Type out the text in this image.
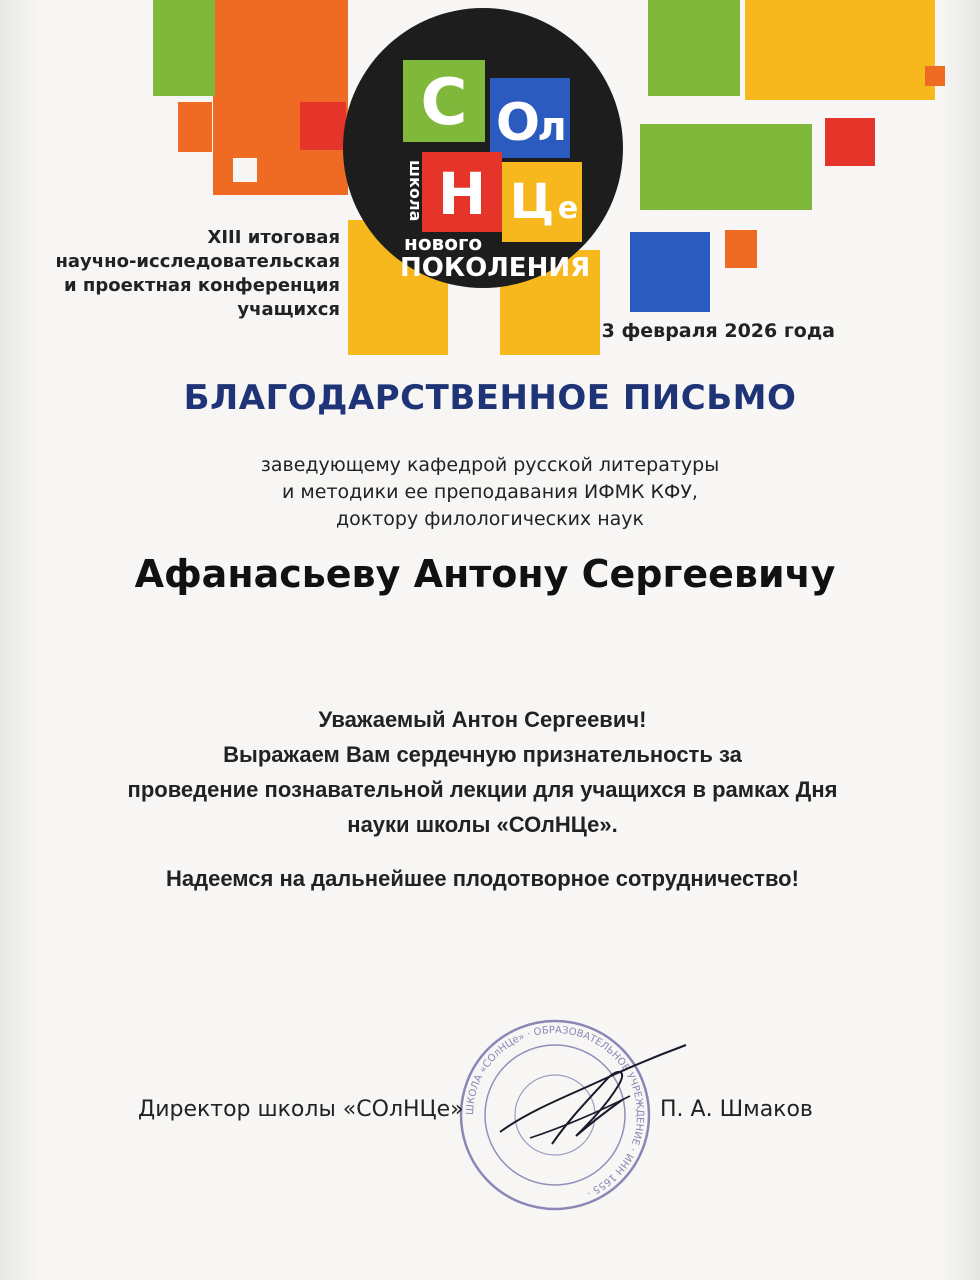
С О
л
Н Ц е
школа
нового
ПОКОЛЕНИЯ
XIII итоговая
научно-исследовательская
и проектная конференция
учащихся
3 февраля 2026 года
БЛАГОДАРСТВЕННОЕ ПИСЬМО
заведующему кафедрой русской литературы
и методики ее преподавания ИФМК КФУ,
доктору филологических наук
Афанасьеву Антону Сергеевичу
Уважаемый Антон Сергеевич!
Выражаем Вам сердечную признательность за
проведение познавательной лекции для учащихся в рамках Дня
науки школы «СОлНЦе».
Надеемся на дальнейшее плодотворное сотрудничество!
ШКОЛА «СОлНЦе» · ОБРАЗОВАТЕЛЬНОЕ УЧРЕЖДЕНИЕ · ИНН 1655 ·
Директор школы «СОлНЦе»	П. А. Шмаков
